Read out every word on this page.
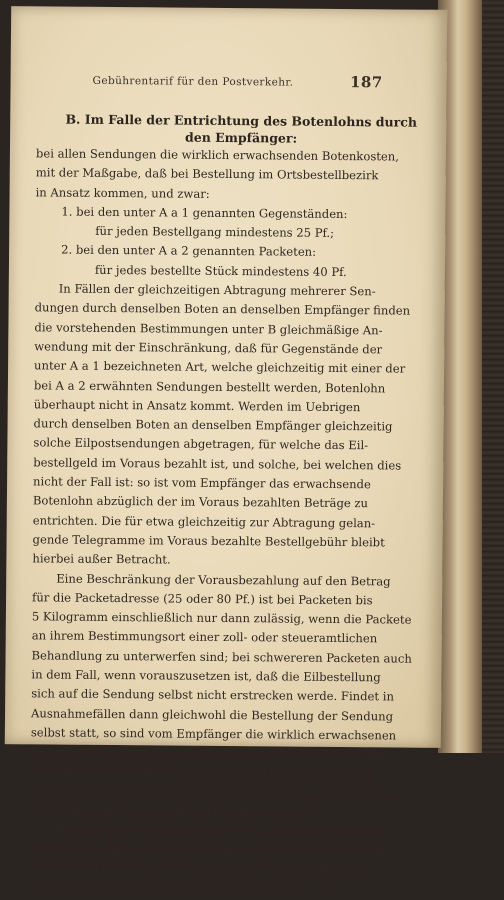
Gebührentarif für den Postverkehr.	187
B. Im Falle der Entrichtung des Botenlohns durch
den Empfänger:
bei allen Sendungen die wirklich erwachsenden Botenkosten,
mit der Maßgabe, daß bei Bestellung im Ortsbestellbezirk
in Ansatz kommen, und zwar:
1. bei den unter A a 1 genannten Gegenständen:
für jeden Bestellgang mindestens 25 Pf.;
2. bei den unter A a 2 genannten Packeten:
für jedes bestellte Stück mindestens 40 Pf.
In Fällen der gleichzeitigen Abtragung mehrerer Sen-
dungen durch denselben Boten an denselben Empfänger finden
die vorstehenden Bestimmungen unter B gleichmäßige An-
wendung mit der Einschränkung, daß für Gegenstände der
unter A a 1 bezeichneten Art, welche gleichzeitig mit einer der
bei A a 2 erwähnten Sendungen bestellt werden, Botenlohn
überhaupt nicht in Ansatz kommt. Werden im Uebrigen
durch denselben Boten an denselben Empfänger gleichzeitig
solche Eilpostsendungen abgetragen, für welche das Eil-
bestellgeld im Voraus bezahlt ist, und solche, bei welchen dies
nicht der Fall ist: so ist vom Empfänger das erwachsende
Botenlohn abzüglich der im Voraus bezahlten Beträge zu
entrichten. Die für etwa gleichzeitig zur Abtragung gelan-
gende Telegramme im Voraus bezahlte Bestellgebühr bleibt
hierbei außer Betracht.
Eine Beschränkung der Vorausbezahlung auf den Betrag
für die Packetadresse (25 oder 80 Pf.) ist bei Packeten bis
5 Kilogramm einschließlich nur dann zulässig, wenn die Packete
an ihrem Bestimmungsort einer zoll- oder steueramtlichen
Behandlung zu unterwerfen sind; bei schwereren Packeten auch
in dem Fall, wenn vorauszusetzen ist, daß die Eilbestellung
sich auf die Sendung selbst nicht erstrecken werde. Findet in
Ausnahmefällen dann gleichwohl die Bestellung der Sendung
selbst statt, so sind vom Empfänger die wirklich erwachsenen
Botenkosten abzüglich der vom Absender für die Abtragung
der Adresse vorausbezahlten Gebühr zu entrichten, bei Be-
stellung im Ortsbestellbezirk jedoch mindestens 15 Pf. und bei
Bestellung im Landbestellbezirk mindestens 40 Pf.
Reichen bei Briefsendungen, welche im Briefkasten vor-
gefunden werden, die vom Absender verwendeten Postwerth-
zeichen zur Deckung des Portos und der Eilbestellgebühr
(A a 1 und b 1) nicht aus, so werden die Briefe x. wie
